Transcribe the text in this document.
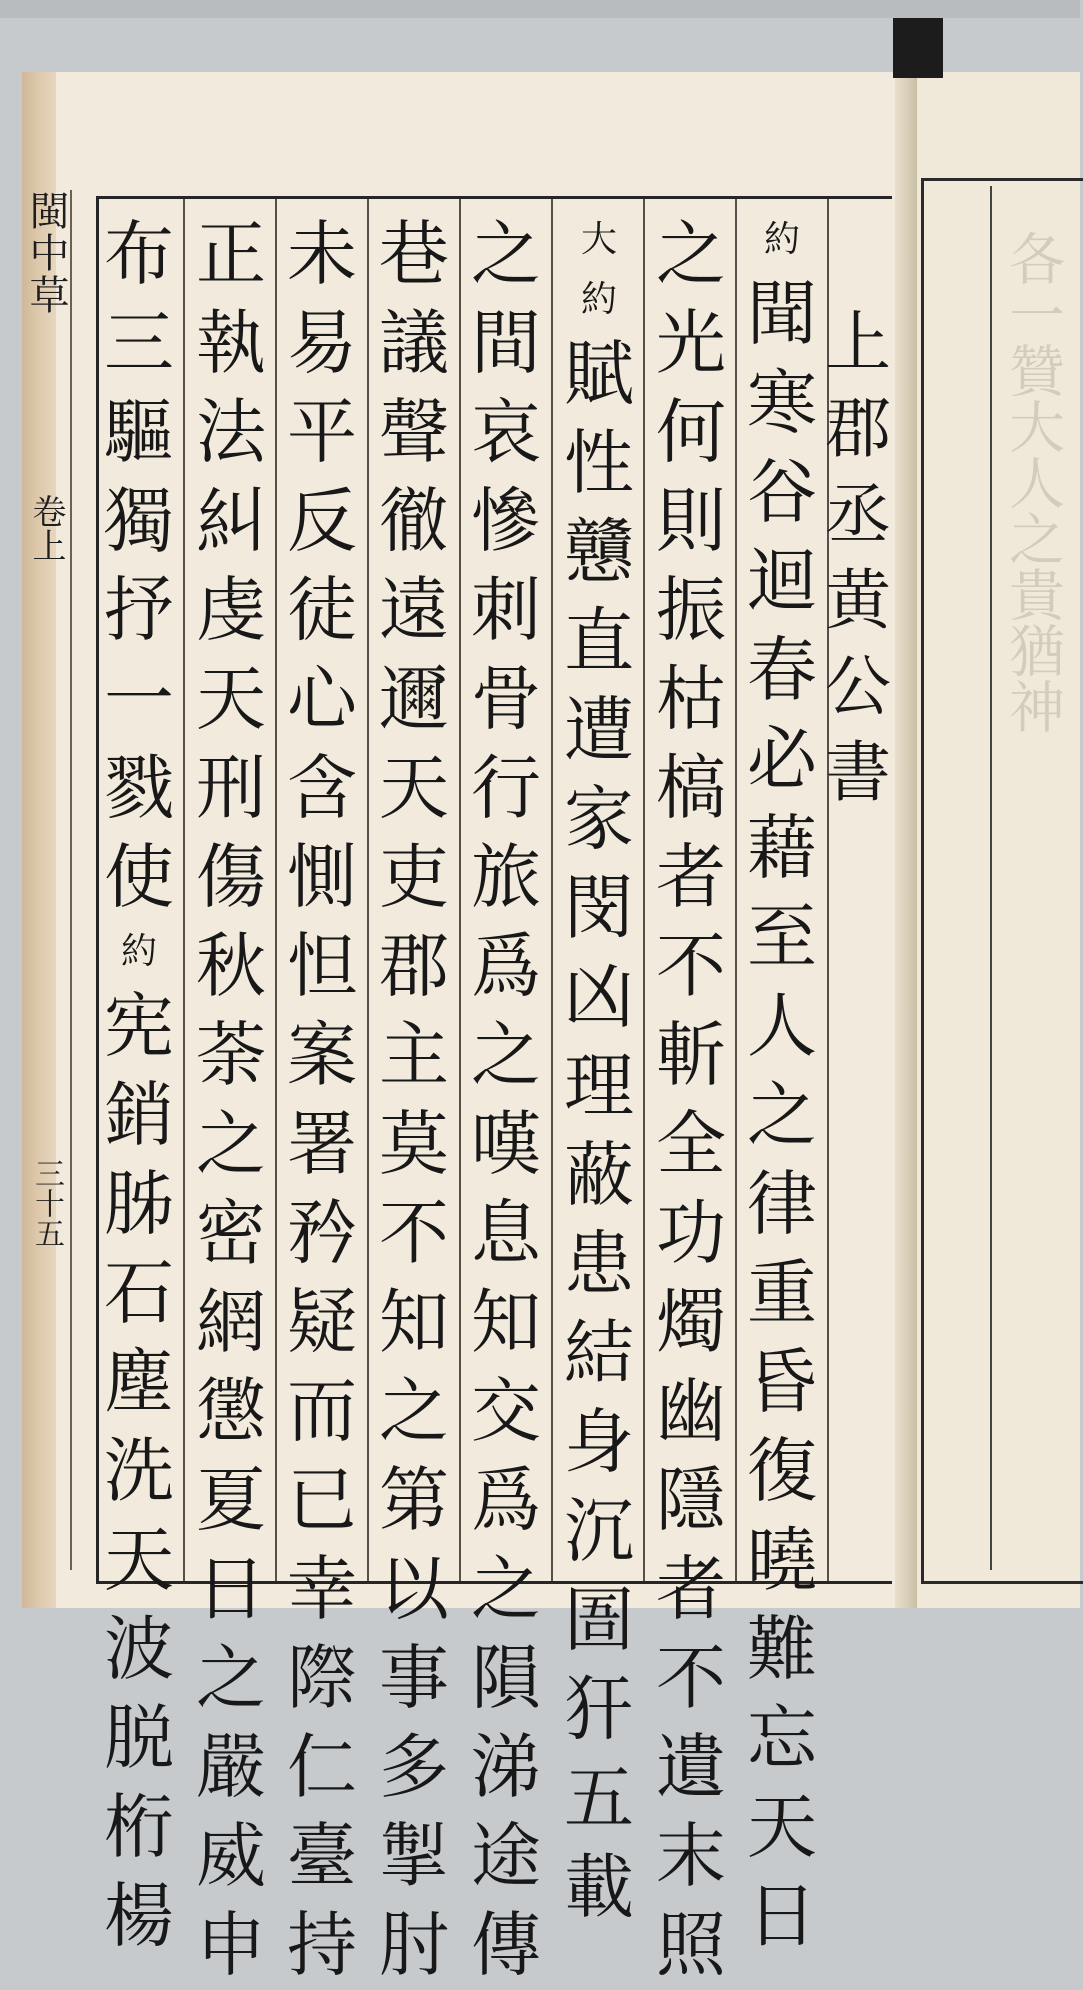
各一贊大人之貴猶神
閩中草
卷上
三十五
上
郡
丞
黄
公
書
約
聞
寒
谷
迴
春
必
藉
至
人
之
律
重
昏
復
曉
難
忘
天
日
之
光
何
則
振
枯
槁
者
不
斬
全
功
燭
幽
隱
者
不
遺
末
照
大
約
賦
性
戇
直
遭
家
閔
凶
理
蔽
患
結
身
沉
圄
犴
五
載
之
間
哀
慘
刺
骨
行
旅
爲
之
嘆
息
知
交
爲
之
隕
涕
途
傳
巷
議
聲
徹
遠
邇
天
吏
郡
主
莫
不
知
之
第
以
事
多
掣
肘
未
易
平
反
徒
心
含
惻
怛
案
署
矜
疑
而
已
幸
際
仁
臺
持
正
執
法
糾
虔
天
刑
傷
秋
荼
之
密
網
懲
夏
日
之
嚴
威
申
布
三
驅
獨
抒
一
戮
使
約
宪
銷
胏
石
塵
洗
天
波
脱
桁
楊
